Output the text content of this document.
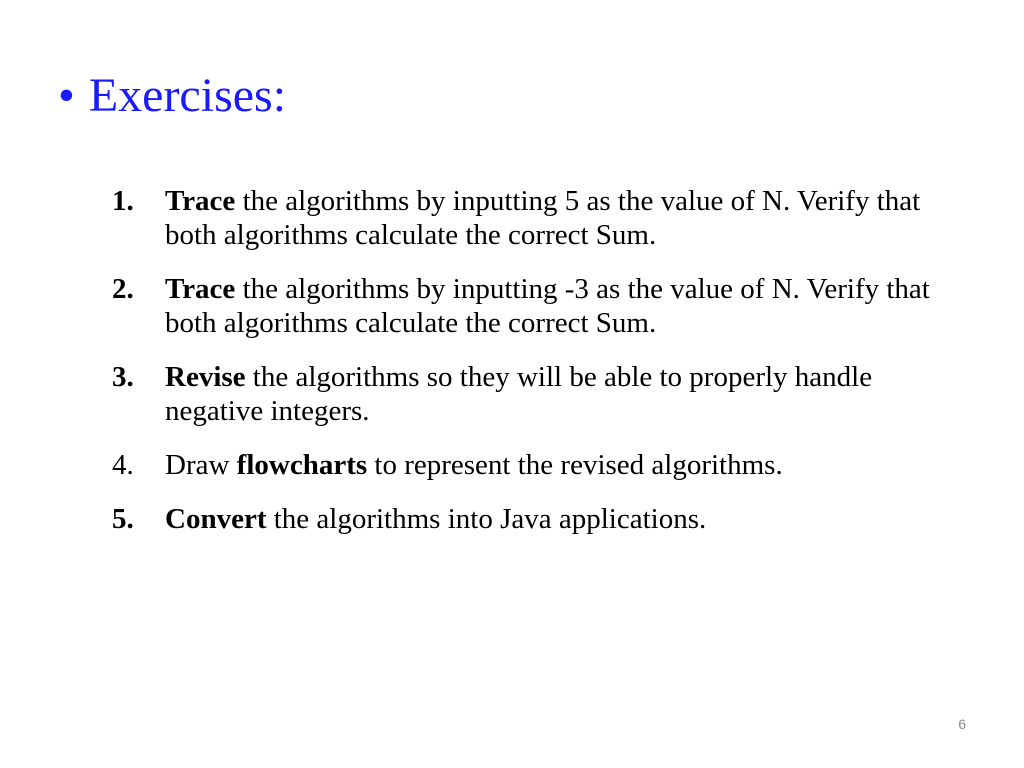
• Exercises:
1. Trace the algorithms by inputting 5 as the value of N. Verify that both algorithms calculate the correct Sum.
2. Trace the algorithms by inputting -3 as the value of N. Verify that both algorithms calculate the correct Sum.
3. Revise the algorithms so they will be able to properly handle negative integers.
4. Draw flowcharts to represent the revised algorithms.
5. Convert the algorithms into Java applications.
6
